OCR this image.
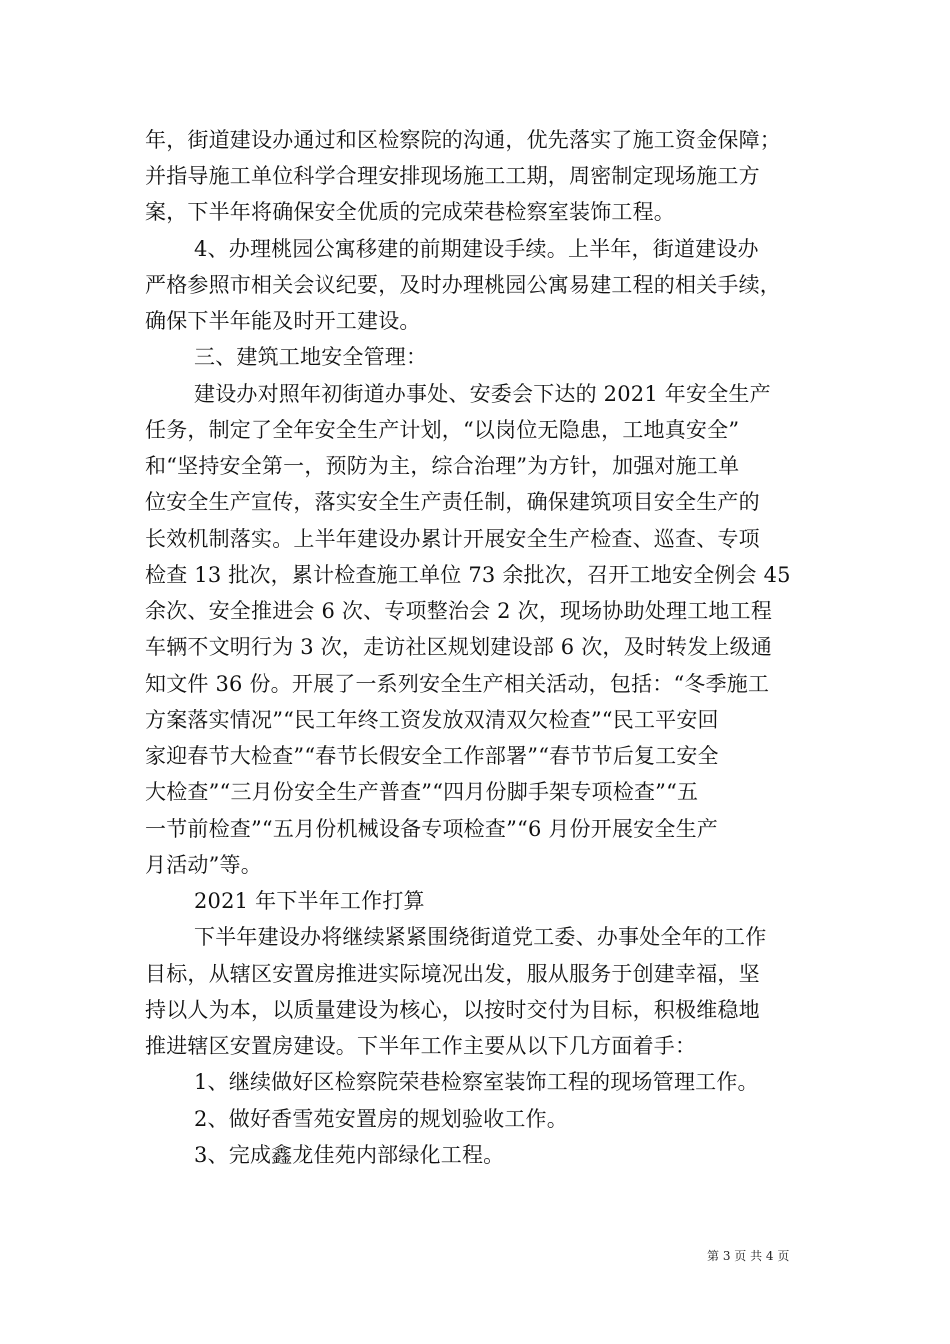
年，街道建设办通过和区检察院的沟通，优先落实了施工资金保障；
并指导施工单位科学合理安排现场施工工期，周密制定现场施工方
案，下半年将确保安全优质的完成荣巷检察室装饰工程。
4、办理桃园公寓移建的前期建设手续。上半年，街道建设办
严格参照市相关会议纪要，及时办理桃园公寓易建工程的相关手续，
确保下半年能及时开工建设。
三、建筑工地安全管理：
建设办对照年初街道办事处、安委会下达的 2021 年安全生产
任务，制定了全年安全生产计划，“以岗位无隐患，工地真安全”
和“坚持安全第一，预防为主，综合治理”为方针，加强对施工单
位安全生产宣传，落实安全生产责任制，确保建筑项目安全生产的
长效机制落实。上半年建设办累计开展安全生产检查、巡查、专项
检查 13 批次，累计检查施工单位 73 余批次，召开工地安全例会 45
余次、安全推进会 6 次、专项整治会 2 次，现场协助处理工地工程
车辆不文明行为 3 次，走访社区规划建设部 6 次，及时转发上级通
知文件 36 份。开展了一系列安全生产相关活动，包括：“冬季施工
方案落实情况”“民工年终工资发放双清双欠检查”“民工平安回
家迎春节大检查”“春节长假安全工作部署”“春节节后复工安全
大检查”“三月份安全生产普查”“四月份脚手架专项检查”“五
一节前检查”“五月份机械设备专项检查”“6 月份开展安全生产
月活动”等。
2021 年下半年工作打算
下半年建设办将继续紧紧围绕街道党工委、办事处全年的工作
目标，从辖区安置房推进实际境况出发，服从服务于创建幸福，坚
持以人为本，以质量建设为核心，以按时交付为目标，积极维稳地
推进辖区安置房建设。下半年工作主要从以下几方面着手：
1、继续做好区检察院荣巷检察室装饰工程的现场管理工作。
2、做好香雪苑安置房的规划验收工作。
3、完成鑫龙佳苑内部绿化工程。
第 3 页 共 4 页
